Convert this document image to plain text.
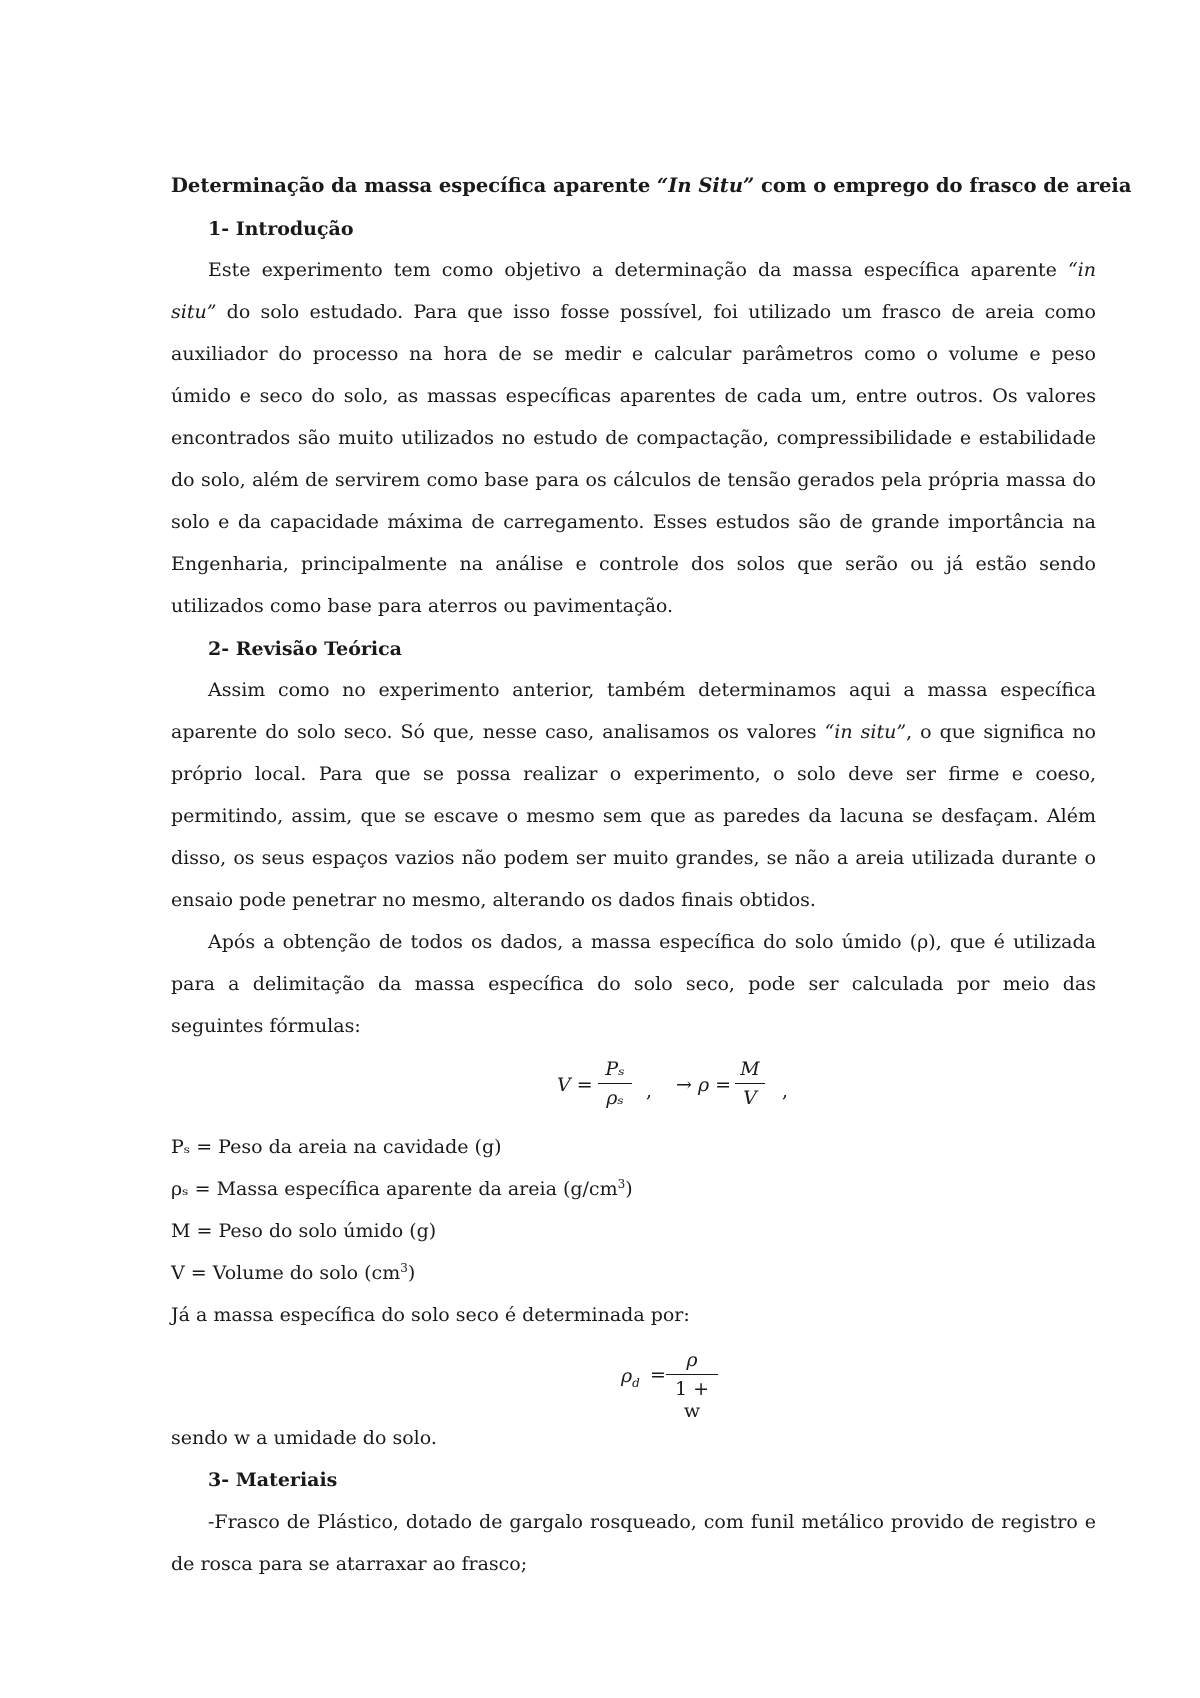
Determinação da massa específica aparente “In Situ” com o emprego do frasco de areia

1- Introdução

Este experimento tem como objetivo a determinação da massa específica aparente “in

situ” do solo estudado. Para que isso fosse possível, foi utilizado um frasco de areia como

auxiliador do processo na hora de se medir e calcular parâmetros como o volume e peso

úmido e seco do solo, as massas específicas aparentes de cada um, entre outros. Os valores

encontrados são muito utilizados no estudo de compactação, compressibilidade e estabilidade

do solo, além de servirem como base para os cálculos de tensão gerados pela própria massa do

solo e da capacidade máxima de carregamento. Esses estudos são de grande importância na

Engenharia, principalmente na análise e controle dos solos que serão ou já estão sendo

utilizados como base para aterros ou pavimentação.

2- Revisão Teórica

Assim como no experimento anterior, também determinamos aqui a massa específica

aparente do solo seco. Só que, nesse caso, analisamos os valores “in situ”, o que significa no

próprio local. Para que se possa realizar o experimento, o solo deve ser firme e coeso,

permitindo, assim, que se escave o mesmo sem que as paredes da lacuna se desfaçam. Além

disso, os seus espaços vazios não podem ser muito grandes, se não a areia utilizada durante o

ensaio pode penetrar no mesmo, alterando os dados finais obtidos.

Após a obtenção de todos os dados, a massa específica do solo úmido (ρ), que é utilizada

para a delimitação da massa específica do solo seco, pode ser calculada por meio das

seguintes fórmulas:

V =
Pₛ
ρₛ	, → ρ =
M
V	,

Pₛ = Peso da areia na cavidade (g)

ρₛ = Massa específica aparente da areia $(g/cm^3)$

M = Peso do solo úmido (g)

V = Volume do solo $(cm^3)$

Já a massa específica do solo seco é determinada por:

$\rho_d$ =
ρ
1 + w

sendo w a umidade do solo.

3- Materiais

-Frasco de Plástico, dotado de gargalo rosqueado, com funil metálico provido de registro e

de rosca para se atarraxar ao frasco;
